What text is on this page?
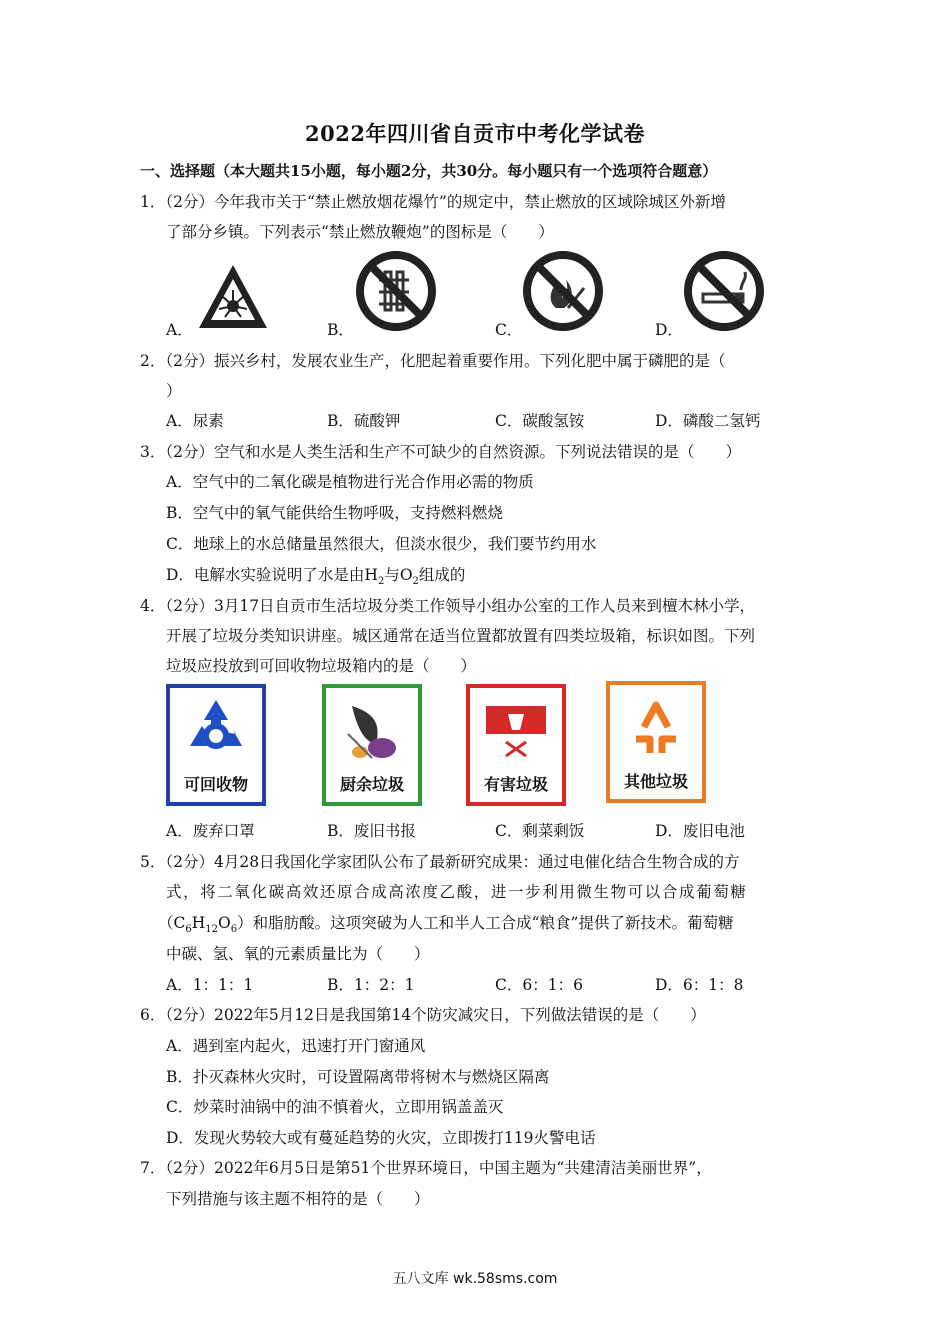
2022年四川省自贡市中考化学试卷
一、选择题（本大题共15小题，每小题2分，共30分。每小题只有一个选项符合题意）
1．（2分）今年我市关于“禁止燃放烟花爆竹”的规定中，禁止燃放的区域除城区外新增
了部分乡镇。下列表示“禁止燃放鞭炮”的图标是（　　）
A．	B．	C．	D．
2．（2分）振兴乡村，发展农业生产，化肥起着重要作用。下列化肥中属于磷肥的是（
）
A．尿素	B．硫酸钾	C．碳酸氢铵	D．磷酸二氢钙
3．（2分）空气和水是人类生活和生产不可缺少的自然资源。下列说法错误的是（　　）
A．空气中的二氧化碳是植物进行光合作用必需的物质
B．空气中的氧气能供给生物呼吸，支持燃料燃烧
C．地球上的水总储量虽然很大，但淡水很少，我们要节约用水
D．电解水实验说明了水是由$H_2$与$O_2$组成的
4．（2分）3月17日自贡市生活垃圾分类工作领导小组办公室的工作人员来到檀木林小学，
开展了垃圾分类知识讲座。城区通常在适当位置都放置有四类垃圾箱，标识如图。下列
垃圾应投放到可回收物垃圾箱内的是（　　）
可回收物	厨余垃圾	有害垃圾	其他垃圾
A．废弃口罩	B．废旧书报	C．剩菜剩饭	D．废旧电池
5．（2分）4月28日我国化学家团队公布了最新研究成果：通过电催化结合生物合成的方
式，将二氧化碳高效还原合成高浓度乙酸，进一步利用微生物可以合成葡萄糖
$(C_6H_{12}O_6)$和脂肪酸。这项突破为人工和半人工合成“粮食”提供了新技术。葡萄糖
中碳、氢、氧的元素质量比为（　　）
A．1：1：1	B．1：2：1	C．6：1：6	D．6：1：8
6．（2分）2022年5月12日是我国第14个防灾减灾日，下列做法错误的是（　　）
A．遇到室内起火，迅速打开门窗通风
B．扑灭森林火灾时，可设置隔离带将树木与燃烧区隔离
C．炒菜时油锅中的油不慎着火，立即用锅盖盖灭
D．发现火势较大或有蔓延趋势的火灾，立即拨打119火警电话
7．（2分）2022年6月5日是第51个世界环境日，中国主题为“共建清洁美丽世界”，
下列措施与该主题不相符的是（　　）
五八文库 wk.58sms.com
